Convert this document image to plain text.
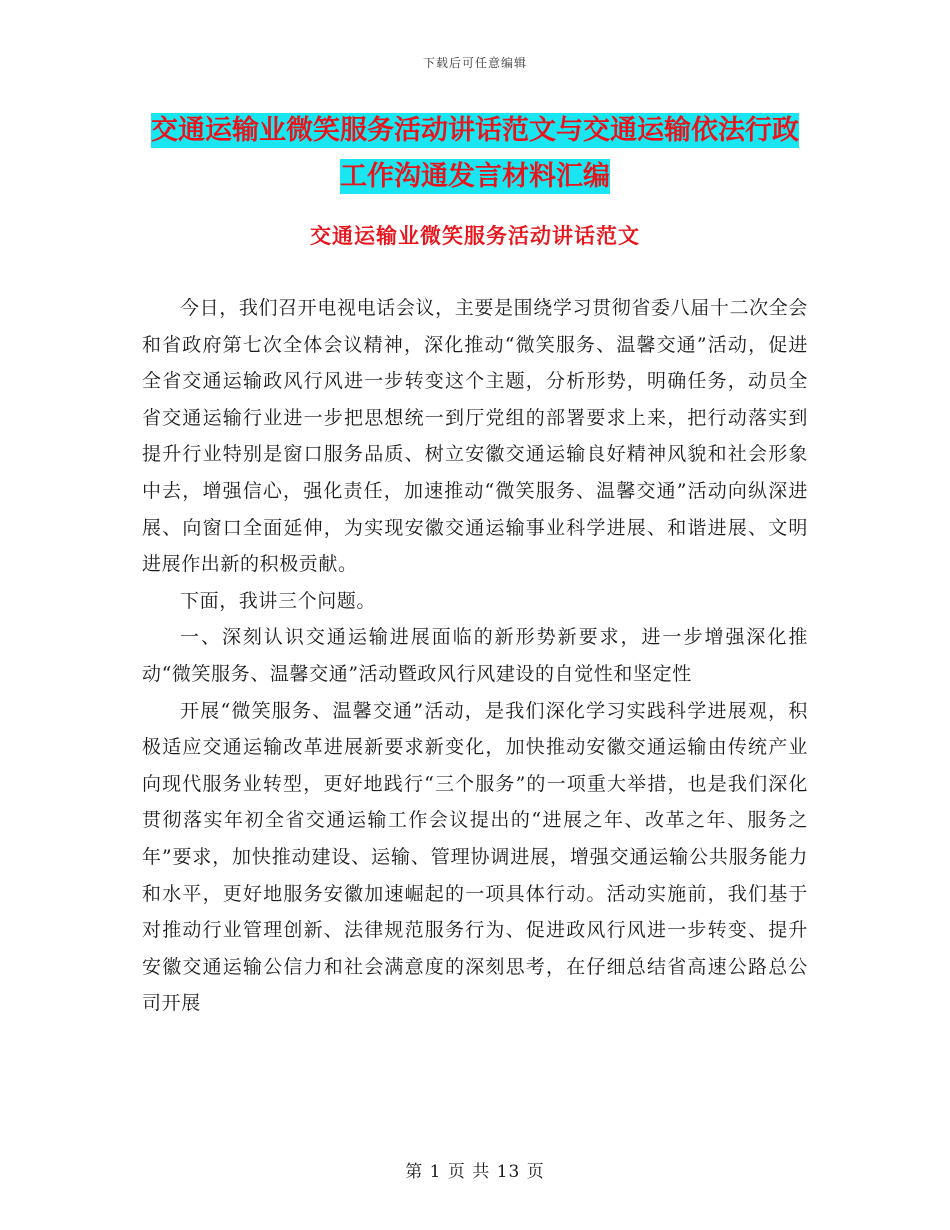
下载后可任意编辑
交通运输业微笑服务活动讲话范文与交通运输依法行政工作沟通发言材料汇编
交通运输业微笑服务活动讲话范文

今日，我们召开电视电话会议，主要是围绕学习贯彻省委八届十二次全会和省政府第七次全体会议精神，深化推动“微笑服务、温馨交通”活动，促进全省交通运输政风行风进一步转变这个主题，分析形势，明确任务，动员全省交通运输行业进一步把思想统一到厅党组的部署要求上来，把行动落实到提升行业特别是窗口服务品质、树立安徽交通运输良好精神风貌和社会形象中去，增强信心，强化责任，加速推动“微笑服务、温馨交通”活动向纵深进展、向窗口全面延伸，为实现安徽交通运输事业科学进展、和谐进展、文明进展作出新的积极贡献。

下面，我讲三个问题。

一、深刻认识交通运输进展面临的新形势新要求，进一步增强深化推动“微笑服务、温馨交通”活动暨政风行风建设的自觉性和坚定性

开展“微笑服务、温馨交通”活动，是我们深化学习实践科学进展观，积极适应交通运输改革进展新要求新变化，加快推动安徽交通运输由传统产业向现代服务业转型，更好地践行“三个服务”的一项重大举措，也是我们深化贯彻落实年初全省交通运输工作会议提出的“进展之年、改革之年、服务之年”要求，加快推动建设、运输、管理协调进展，增强交通运输公共服务能力和水平，更好地服务安徽加速崛起的一项具体行动。活动实施前，我们基于对推动行业管理创新、法律规范服务行为、促进政风行风进一步转变、提升安徽交通运输公信力和社会满意度的深刻思考，在仔细总结省高速公路总公司开展

第 1 页 共 13 页
